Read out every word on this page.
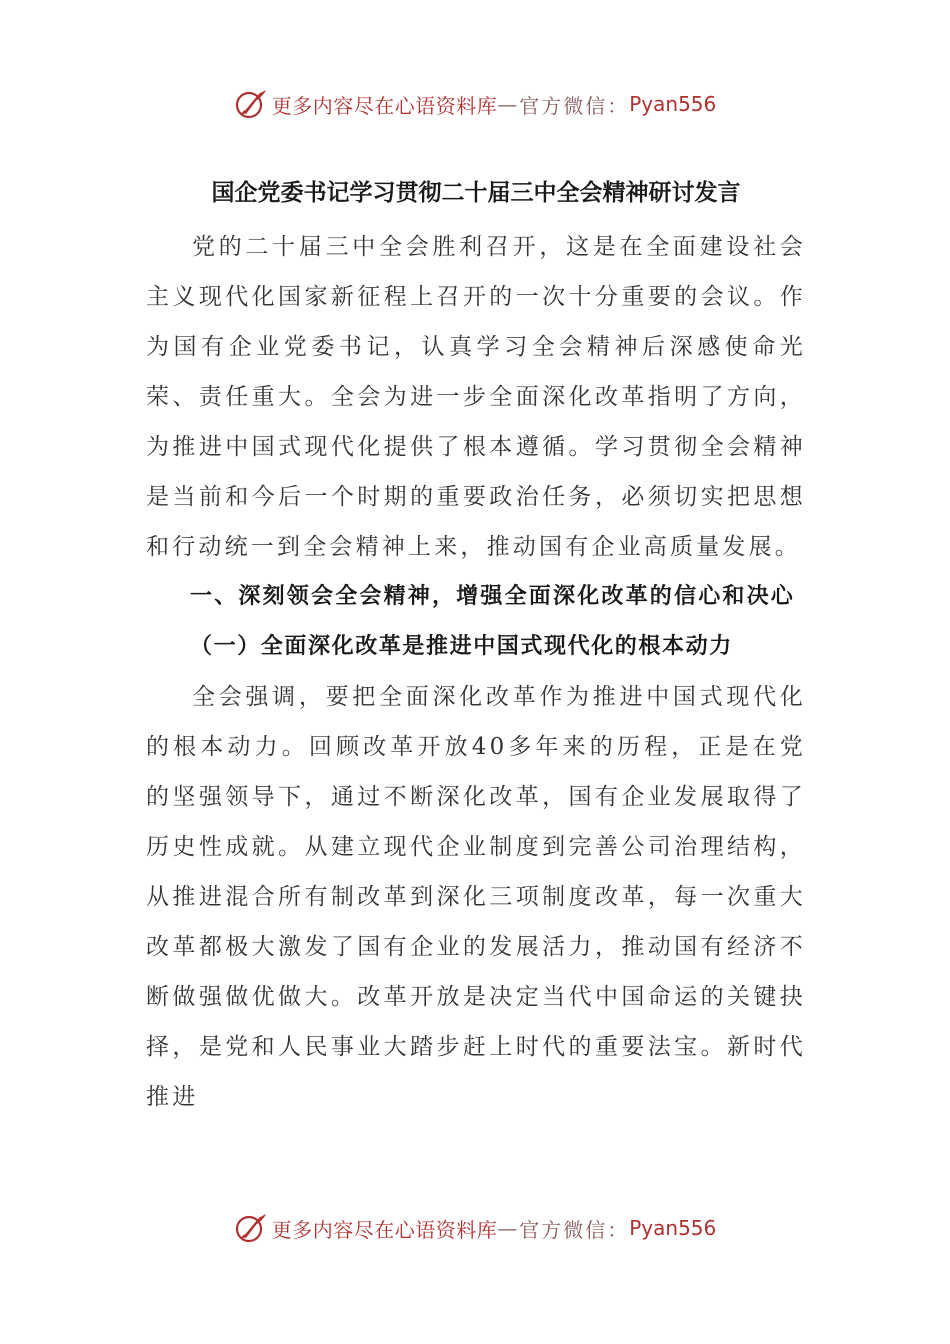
更多内容尽在心语资料库 — 官方微信： Pyan556
国企党委书记学习贯彻二十届三中全会精神研讨发言

党的二十届三中全会胜利召开，这是在全面建设社会主义现代化国家新征程上召开的一次十分重要的会议。作为国有企业党委书记，认真学习全会精神后深感使命光荣、责任重大。全会为进一步全面深化改革指明了方向，为推进中国式现代化提供了根本遵循。学习贯彻全会精神是当前和今后一个时期的重要政治任务，必须切实把思想和行动统一到全会精神上来，推动国有企业高质量发展。

一、深刻领会全会精神，增强全面深化改革的信心和决心

（一）全面深化改革是推进中国式现代化的根本动力

全会强调，要把全面深化改革作为推进中国式现代化的根本动力。回顾改革开放40多年来的历程，正是在党的坚强领导下，通过不断深化改革，国有企业发展取得了历史性成就。从建立现代企业制度到完善公司治理结构，从推进混合所有制改革到深化三项制度改革，每一次重大改革都极大激发了国有企业的发展活力，推动国有经济不断做强做优做大。改革开放是决定当代中国命运的关键抉择，是党和人民事业大踏步赶上时代的重要法宝。新时代推进

更多内容尽在心语资料库 — 官方微信： Pyan556
